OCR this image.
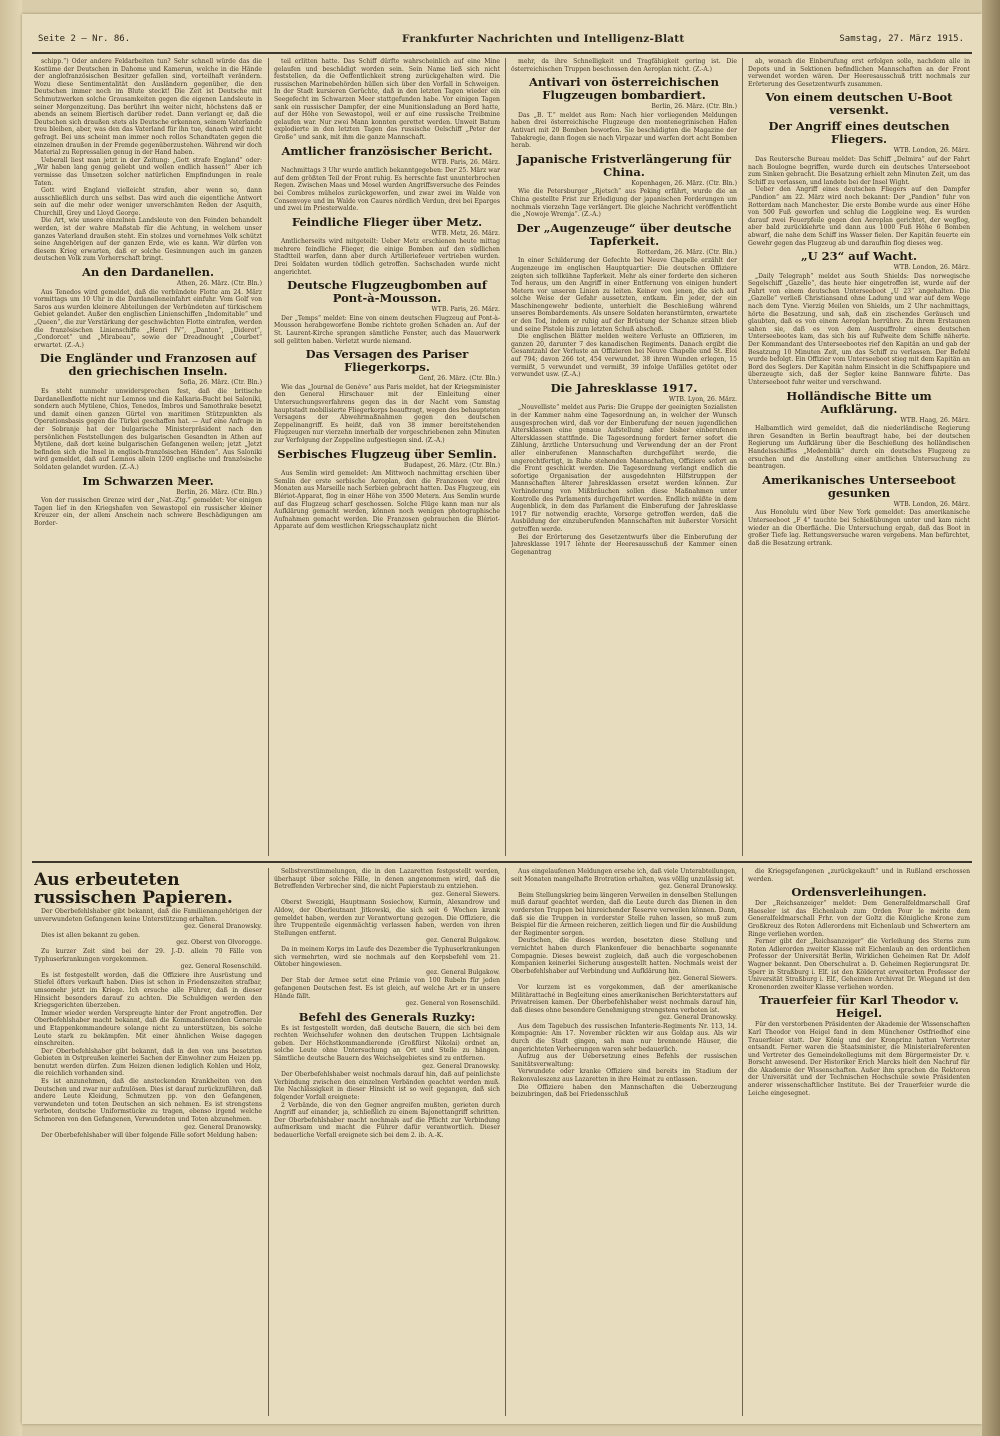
Seite 2 — Nr. 86.	Frankfurter Nachrichten und Intelligenz-Blatt	Samstag, 27. März 1915.

schipp.“) Oder andere Feldarbeiten tun? Sehr schnell würde das die Kostüme der Deutschen in Dahome und Kamerun, welche in die Hände der anglofranzösischen Besitzer gefallen sind, vorteilhaft verändern. Wozu diese Sentimentalität den Ausländern gegenüber, die den Deutschen immer noch im Blute steckt! Die Zeit ist Deutsche mit Schmutzwerken solche Grausamkeiten gegen die eigenen Landsleute in seiner Morgenzeitung. Das berührt ihn weiter nicht, höchstens daß er abends an seinem Biertisch darüber redet. Dann verlangt er, daß die Deutschen sich draußen stets als Deutsche erkennen, seinem Vaterlande treu bleiben, aber, was den das Vaterland für ihn tue, danach wird nicht gefragt. Bei uns scheint man immer noch rollos Schandtaten gegen die einzelnen draußen in der Fremde gegenüberzustehen. Während wir doch Material zu Repressalien genug in der Hand haben.

Ueberall liest man jetzt in der Zeitung: „Gott strafe England“ oder: „Wir haben lang genug geliebt und wollen endlich hassen!“ Aber ich vermisse das Umsetzen solcher natürlichen Empfindungen in reale Taten.

Gott wird England vielleicht strafen, aber wenn so, dann ausschließlich durch uns selbst. Das wird auch die eigentliche Antwort sein auf die mehr oder weniger unverschämten Reden der Asquith, Churchill, Grey und Lloyd George.

Die Art, wie unsere einzelnen Landsleute von den Feinden behandelt werden, ist der wahre Maßstab für die Achtung, in welchem unser ganzes Vaterland draußen steht. Ein stolzes und vornehmes Volk schützt seine Angehörigen auf der ganzen Erde, wie es kann. Wir dürfen von diesem Krieg erwarten, daß er solche Gesinnungen auch im ganzen deutschen Volk zum Vorherrschaft bringt.

An den Dardanellen.

Athen, 26. März. (Ctr. Bln.)

Aus Tenedos wird gemeldet, daß die verbündete Flotte am 24. März vormittags um 10 Uhr in die Dardanelleneinfahrt einfuhr. Vom Golf von Saros aus wurden kleinere Abteilungen der Verbündeten auf türkischem Gebiet gelandet. Außer den englischen Linienschiffen „Indomitable“ und „Queen“, die zur Verstärkung der geschwächten Flotte eintrafen, werden die französischen Linienschiffe „Henri IV“, „Danton“, „Diderot“, „Condorcet“ und „Mirabeau“, sowie der Dreadnought „Courbet“ erwartet. (Z.-A.)

Die Engländer und Franzosen auf den griechischen Inseln.

Sofia, 26. März. (Ctr. Bln.)

Es steht nunmehr unwidersprochen fest, daß die britische Dardanellenflotte nicht nur Lemnos und die Kalkaria-Bucht bei Saloniki, sondern auch Mytilene, Chios, Tenedos, Imbros und Samothrake besetzt und damit einen ganzen Gürtel von maritimen Stützpunkten als Operationsbasis gegen die Türkei geschaffen hat. — Auf eine Anfrage in der Sobranje hat der bulgarische Ministerpräsident nach den persönlichen Feststellungen des bulgarischen Gesandten in Athen auf Mytilene, daß dort keine bulgarischen Gefangenen weilen; jetzt „Jetzt befinden sich die Insel in englisch-französischen Händen“. Aus Saloniki wird gemeldet, daß auf Lemnos allein 1200 englische und französische Soldaten gelandet wurden. (Z.-A.)

Im Schwarzen Meer.

Berlin, 26. März. (Ctr. Bln.)

Von der russischen Grenze wird der „Nat.-Ztg.“ gemeldet: Vor einigen Tagen lief in den Kriegshafen von Sewastopol ein russischer kleiner Kreuzer ein, der allem Anschein nach schwere Beschädigungen am Border-

teil erlitten hatte. Das Schiff dürfte wahrscheinlich auf eine Mine gelaufen und beschädigt worden sein. Sein Name ließ sich nicht feststellen, da die Oeffentlichkeit streng zurückgehalten wird. Die russischen Marinebehörden hüllen sich über den Vorfall in Schweigen. In der Stadt kursieren Gerüchte, daß in den letzten Tagen wieder ein Seegefecht im Schwarzen Meer stattgefunden habe. Vor einigen Tagen sank ein russischer Dampfer, der eine Munitionsladung an Bord hatte, auf der Höhe von Sewastopol, weil er auf eine russische Treibmine gelaufen war. Nur zwei Mann konnten gerettet werden. Unweit Batum explodierte in den letzten Tagen das russische Oelschiff „Peter der Große“ und sank, mit ihm die ganze Mannschaft.

Amtlicher französischer Bericht.

WTB. Paris, 26. März.

Nachmittags 3 Uhr wurde amtlich bekanntgegeben: Der 25. März war auf dem größten Teil der Front ruhig. Es herrschte fast ununterbrochen Regen. Zwischen Maas und Mosel wurden Angriffsversuche des Feindes bei Combres mühelos zurückgeworfen, und zwar zwei im Walde von Consenvoye und im Walde von Caures nördlich Verdun, drei bei Eparges und zwei im Priesterwalde.

Feindliche Flieger über Metz.

WTB. Metz, 26. März.

Amtlicherseits wird mitgeteilt: Ueber Metz erschienen heute mittag mehrere feindliche Flieger, die einige Bomben auf den südlichen Stadtteil warfen, dann aber durch Artilleriefeuer vertrieben wurden. Drei Soldaten wurden tödlich getroffen. Sachschaden wurde nicht angerichtet.

Deutsche Flugzeugbomben auf Pont-à-Mousson.

WTB. Paris, 26. März.

Der „Temps“ meldet: Eine von einem deutschen Flugzeug auf Pont-à-Mousson herabgeworfene Bombe richtete großen Schaden an. Auf der St. Laurent-Kirche sprangen sämtliche Fenster, auch das Mauerwerk soll gelitten haben. Verletzt wurde niemand.

Das Versagen des Pariser Fliegerkorps.

Genf, 26. März. (Ctr. Bln.)

Wie das „Journal de Genève“ aus Paris meldet, hat der Kriegsminister den General Hirschauer mit der Einleitung einer Untersuchungsverfahrens gegen das in der Nacht vom Samstag hauptstadt mobilisierte Fliegerkorps beauftragt, wegen des behaupteten Versagens der Abwehrmaßnahmen gegen den deutschen Zeppelinangriff. Es heißt, daß von 38 immer bereitstehenden Flugzeugen nur vierzehn innerhalb der vorgeschriebenen zehn Minuten zur Verfolgung der Zeppeline aufgestiegen sind. (Z.-A.)

Serbisches Flugzeug über Semlin.

Budapest, 26. März. (Ctr. Bln.)

Aus Semlin wird gemeldet: Am Mittwoch nachmittag erschien über Semlin der erste serbische Aeroplan, den die Franzosen vor drei Monaten aus Marseille nach Serbien gebracht hatten. Das Flugzeug, ein Blériot-Apparat, flog in einer Höhe von 3500 Metern. Aus Semlin wurde auf das Flugzeug scharf geschossen. Solche Flüge kann man nur als Aufklärung gemacht werden, können noch wenigen photographische Aufnahmen gemacht werden. Die Franzosen gebrauchen die Blériot-Apparate auf dem westlichen Kriegsschauplatz nicht

mehr, da ihre Schnelligkeit und Tragfähigkeit gering ist. Die österreichischen Truppen beschossen den Aeroplan nicht. (Z.-A.)

Antivari von österreichischen Flugzeugen bombardiert.

Berlin, 26. März. (Ctr. Bln.)

Das „B. T.“ meldet aus Rom: Nach hier vorliegenden Meldungen haben drei österreichische Flugzeuge den montenegrinischen Hafen Antivari mit 20 Bomben beworfen. Sie beschädigten die Magazine der Tabakregie, dann flogen sie nach Virpazar und warfen dort acht Bomben herab.

Japanische Fristverlängerung für China.

Kopenhagen, 26. März. (Ctr. Bln.)

Wie die Petersburger „Rjetsch“ aus Peking erfährt, wurde die an China gestellte Frist zur Erledigung der japanischen Forderungen um nochmals vierzehn Tage verlängert. Die gleiche Nachricht veröffentlicht die „Nowoje Wremja“. (Z.-A.)

Der „Augenzeuge“ über deutsche Tapferkeit.

Rotterdam, 26. März. (Ctr. Bln.)

In einer Schilderung der Gefechte bei Neuve Chapelle erzählt der Augenzeuge im englischen Hauptquartier: Die deutschen Offiziere zeigten sich tollkühne Tapferkeit. Mehr als einer forderte den sicheren Tod heraus, um den Angriff in einer Entfernung von einigen hundert Metern vor unseren Linien zu leiten. Keiner von jenen, die sich auf solche Weise der Gefahr aussetzten, entkam. Ein jeder, der ein Maschinengewehr bediente, unterhielt die Beschießung während unseres Bombardements. Als unsere Soldaten heranstürmten, erwartete er den Tod, indem er ruhig auf der Brüstung der Schanze sitzen blieb und seine Pistole bis zum letzten Schuß abschoß.

Die englischen Blätter melden weitere Verluste an Offizieren, im ganzen 20, darunter 7 des kanadischen Regiments. Danach ergibt die Gesamtzahl der Verluste an Offizieren bei Neuve Chapelle und St. Eloi auf 794; davon 266 tot, 454 verwundet. 38 ihren Wunden erlegen, 15 vermißt, 5 verwundet und vermißt, 39 infolge Unfälles getötet oder verwundet usw. (Z.-A.)

Die Jahresklasse 1917.

WTB. Lyon, 26. März.

„Nouvelliste“ meldet aus Paris: Die Gruppe der geeinigten Sozialisten in der Kammer nahm eine Tagesordnung an, in welcher der Wunsch ausgesprochen wird, daß vor der Einberufung der neuen jugendlichen Altersklassen eine genaue Aufstellung aller bisher einberufenen Altersklassen stattfinde. Die Tagesordnung fordert ferner sofort die Zählung, ärztliche Untersuchung und Verwendung der an der Front aller einberufenen Mannschaften durchgeführt werde, die ungerechtfertigt, in Ruhe stehenden Mannschaften, Offiziere sofort an die Front geschickt werden. Die Tagesordnung verlangt endlich die sofortige Organisation der ausgedehnten Hilfstruppen der Mannschaften älterer Jahresklassen ersetzt werden können. Zur Verhinderung von Mißbräuchen sollen diese Maßnahmen unter Kontrolle des Parlaments durchgeführt werden. Endlich müßte in dem Augenblick, in dem das Parlament die Einberufung der Jahresklasse 1917 für notwendig erachte, Vorsorge getroffen werden, daß die Ausbildung der einzuberufenden Mannschaften mit äußerster Vorsicht getroffen werde.

Bei der Erörterung des Gesetzentwurfs über die Einberufung der Jahresklasse 1917 lehnte der Heeresausschuß der Kammer einen Gegenantrag

ab, wonach die Einberufung erst erfolgen solle, nachdem alle in Depots und in Sektionen befindlichen Mannschaften an der Front verwendet worden wären. Der Heeresausschuß tritt nochmals zur Erörterung des Gesetzentwurfs zusammen.

Von einem deutschen U-Boot versenkt.
Der Angriff eines deutschen Fliegers.

WTB. London, 26. März.

Das Reutersche Bureau meldet: Das Schiff „Delmira“ auf der Fahrt nach Boulogne begriffen, wurde durch ein deutsches Unterseeboot zum Sinken gebracht. Die Besatzung erhielt zehn Minuten Zeit, um das Schiff zu verlassen, und landete bei der Insel Wight.

Ueber den Angriff eines deutschen Fliegers auf den Dampfer „Pandion“ am 22. März wird noch bekannt: Der „Pandion“ fuhr von Rotterdam nach Manchester. Die erste Bombe wurde aus einer Höhe von 500 Fuß geworfen und schlug die Loggleine weg. Es wurden darauf zwei Feuerpfeile gegen den Aeroplan gerichtet, der wegflog, aber bald zurückkehrte und dann aus 1000 Fuß Höhe 6 Bomben abwarf, die nahe dem Schiff ins Wasser fielen. Der Kapitän feuerte ein Gewehr gegen das Flugzeug ab und daraufhin flog dieses weg.

„U 23“ auf Wacht.

WTB. London, 26. März.

„Daily Telegraph“ meldet aus South Shields: Das norwegische Segelschiff „Gazelle“, das heute hier eingetroffen ist, wurde auf der Fahrt von einem deutschen Unterseeboot „U 23“ angehalten. Die „Gazelle“ verließ Christiansand ohne Ladung und war auf dem Wege nach dem Tyne. Vierzig Meilen von Shields, um 2 Uhr nachmittags, hörte die Besatzung, und sah, daß ein zischendes Geräusch und glaubten, daß es von einem Aeroplan herrühre. Zu ihrem Erstaunen sahen sie, daß es von dem Auspuffrohr eines deutschen Unterseebootes kam, das sich bis auf Rufweite dem Schiffe näherte. Der Kommandant des Unterseebootes rief den Kapitän an und gab der Besatzung 10 Minuten Zeit, um das Schiff zu verlassen. Der Befehl wurde befolgt. Ein Offizier vom Unterseeboot stieg mit dem Kapitän an Bord des Seglers. Der Kapitän nahm Einsicht in die Schiffspapiere und überzeugte sich, daß der Segler keine Bannware führte. Das Unterseeboot fuhr weiter und verschwand.

Holländische Bitte um Aufklärung.

WTB. Haag, 26. März.

Halbamtlich wird gemeldet, daß die niederländische Regierung ihren Gesandten in Berlin beauftragt habe, bei der deutschen Regierung um Aufklärung über die Beschießung des holländischen Handelsschiffes „Medemblik“ durch ein deutsches Flugzeug zu ersuchen und die Anstellung einer amtlichen Untersuchung zu beantragen.

Amerikanisches Unterseeboot gesunken

WTB. London, 26. März.

Aus Honolulu wird über New York gemeldet: Das amerikanische Unterseeboot „F 4“ tauchte bei Schießübungen unter und kam nicht wieder an die Oberfläche. Die Untersuchung ergab, daß das Boot in großer Tiefe lag. Rettungsversuche waren vergebens. Man befürchtet, daß die Besatzung ertrank.

Aus erbeuteten russischen Papieren.

Der Oberbefehlshaber gibt bekannt, daß die Familienangehörigen der unverwundeten Gefangenen keine Unterstützung erhalten.

gez. General Dranowsky.

Dies ist allen bekannt zu geben.

gez. Oberst von Olvorogge.

Zu kurzer Zeit sind bei der 29. J.-D. allein 70 Fälle von Typhuserkrankungen vorgekommen.

gez. General Rosenschild.

Es ist festgestellt worden, daß die Offiziere ihre Ausrüstung und Stiefel öfters verkauft haben. Dies ist schon in Friedenszeiten strafbar, umsomehr jetzt im Kriege. Ich ersuche alle Führer, daß in dieser Hinsicht besonders darauf zu achten. Die Schuldigen werden den Kriegsgerichten überzeben.

Immer wieder werden Verspreugte hinter der Front angetroffen. Der Oberbefehlshaber macht bekannt, daß die Kommandierenden Generale und Etappenkommandeure solange nicht zu unterstützen, bis solche Leute stark zu bekämpfen. Mit einer ähnlichen Weise dagegen einschreiten.

Der Oberbefehlshaber gibt bekannt, daß in den von uns besetzten Gebieten in Ostpreußen keinerlei Sachen der Einwohner zum Heizen pp. benutzt werden dürfen. Zum Heizen dienen lediglich Kohlen und Holz, die reichlich vorhanden sind.

Es ist anzunehmen, daß die ansteckenden Krankheiten von den Deutschen und zwar nur aufzulösen. Dies ist darauf zurückzuführen, daß andere Leute Kleidung, Schmutzen pp. von den Gefangenen, verwundeten und toten Deutschen an sich nehmen. Es ist strengstens verboten, deutsche Uniformstücke zu tragen, ebenso irgend welche Schmoren von den Gefangenen, Verwundeten und Toten abzunehmen.

gez. General Dranowsky.

Der Oberbefehlshaber will über folgende Fälle sofort Meldung haben:

Selbstverstümmelungen, die in den Lazaretten festgestellt werden, überhaupt über solche Fälle, in denen angenommen wird, daß die Betreffenden Verbrecher sind, die nicht Papierstaub zu entziehen.

gez. General Siewers.

Oberst Swezigki, Hauptmann Sosiechow, Kurmin, Alexandrow und Aldow, der Oberleutnant Jitkowski, die sich seit 6 Wochen krank gemeldet haben, werden zur Verantwortung gezogen. Die Offiziere, die ihre Truppenteile eigenmächtig verlassen haben, werden von ihren Stellungen entfernt.

gez. General Bulgakow.

Da in meinem Korps im Laufe des Dezember die Typhuserkrankungen sich vermehrten, wird sie nochmals auf den Korpsbefehl vom 21. Oktober hingewiesen.

gez. General Bulgakow.

Der Stab der Armee setzt eine Prämie von 100 Rubeln für jeden gefangenen Deutschen fest. Es ist gleich, auf welche Art er in unsere Hände fällt.

gez. General von Rosenschild.

Befehl des Generals Ruzky:

Es ist festgestellt worden, daß deutsche Bauern, die sich bei dem rechten Weichselufer wohnen den deutschen Truppen Lichtsignale geben. Der Höchstkommandierende (Großfürst Nikolai) ordnet an, solche Leute ohne Untersuchung an Ort und Stelle zu hängen. Sämtliche deutsche Bauern des Weichselgebietes sind zu entfernen.

gez. General Dranowsky.

Der Oberbefehlshaber weist nochmals darauf hin, daß auf peinlichste Verbindung zwischen den einzelnen Verbänden geachtet werden muß. Die Nachlässigkeit in dieser Hinsicht ist so weit gegangen, daß sich folgender Vorfall ereignete:

2 Verbände, die von den Gegner angreifen mußten, gerieten durch Angriff auf einander, ja, schließlich zu einem Bajonettangriff schritten. Der Oberbefehlshaber macht nochmals auf die Pflicht zur Verbindung aufmerksam und macht die Führer dafür verantwortlich. Dieser bedauerliche Vorfall ereignete sich bei dem 2. ib. A.-K.

Aus eingelaufenen Meldungen ersehe ich, daß viele Unterabteilungen, seit Monaten mangelhafte Brotration erhalten, was völlig unzulässig ist.

gez. General Dranowsky.

Beim Stellungskrieg beim längeren Verweilen in denselben Stellungen muß darauf geachtet werden, daß die Leute durch das Dienen in den vordersten Truppen bei hinreichender Reserve verweilen können. Dann, daß sie die Truppen in vorderster Stelle ruhen lassen, so muß zum Beispiel für die Armeen reicheren, zeitlich liegen und für die Ausbildung der Regimenter sorgen.

Deutschen, die dieses werden, besetzten diese Stellung und vernichtet haben durch Flankenfeuer die benachbarte sogenannte Compagnie. Dieses beweist zugleich, daß auch die vorgeschobenen Kompanien keinerlei Sicherung ausgestellt hatten. Nochmals weist der Oberbefehlshaber auf Verbindung und Aufklärung hin.

gez. General Siewers.

Vor kurzem ist es vorgekommen, daß der amerikanische Militärattaché in Begleitung eines amerikanischen Berichterstatters auf Privatreisen kamen. Der Oberbefehlshaber weist nochmals darauf hin, daß dieses ohne besondere Genehmigung strengstens verboten ist.

gez. General Dranowsky.

Aus dem Tagebuch des russischen Infanterie-Regiments Nr. 113, 14. Kompagnie: Am 17. November rückten wir aus Goldap aus. Als wir durch die Stadt gingen, sah man nur brennende Häuser, die angerichteten Verheerungen waren sehr bedauerlich.

Aufzug aus der Uebersetzung eines Befehls der russischen Sanitätsverwaltung:

Verwundete oder kranke Offiziere sind bereits im Stadium der Rekonvaleszenz aus Lazaretten in ihre Heimat zu entlassen.

Die Offiziere haben den Mannschaften die Ueberzeugung beizubringen, daß bei Friedensschluß

die Kriegsgefangenen „zurückgekauft“ und in Rußland erschossen werden.

Ordensverleihungen.

Der „Reichsanzeiger“ meldet: Dem Generalfeldmarschall Graf Haeseler ist das Eichenlaub zum Orden Pour le mérite dem Generalfeldmarschall Frhr. von der Goltz die Königliche Krone zum Großkreuz des Roten Adlerordens mit Eichenlaub und Schwertern am Ringe verliehen worden.

Ferner gibt der „Reichsanzeiger“ die Verleihung des Sterns zum Roten Adlerorden zweiter Klasse mit Eichenlaub an den ordentlichen Professor der Universität Berlin, Wirklichen Geheimen Rat Dr. Adolf Wagner bekannt. Den Oberschulrat a. D. Geheimen Regierungsrat Dr. Sperr in Straßburg i. Elf. ist den Kölderrat erweiterten Professor der Universität Straßburg i. Elf., Geheimen Archivrat Dr. Wiegand ist den Kronenorden zweiter Klasse verliehen worden.

Trauerfeier für Karl Theodor v. Heigel.

Für den verstorbenen Präsidenten der Akademie der Wissenschaften Karl Theodor von Heigel fand in dem Münchener Ostfriedhof eine Trauerfeier statt. Der König und der Kronprinz hatten Vertreter entsandt. Ferner waren die Staatsminister, die Ministerialreferenten und Vertreter des Gemeindekollegiums mit dem Bürgermeister Dr. v. Borscht anwesend. Der Historiker Erich Marcks hielt den Nachruf für die Akademie der Wissenschaften. Außer ihm sprachen die Rektoren der Universität und der Technischen Hochschule sowie Präsidenten anderer wissenschaftlicher Institute. Bei der Trauerfeier wurde die Leiche eingesegnet.
